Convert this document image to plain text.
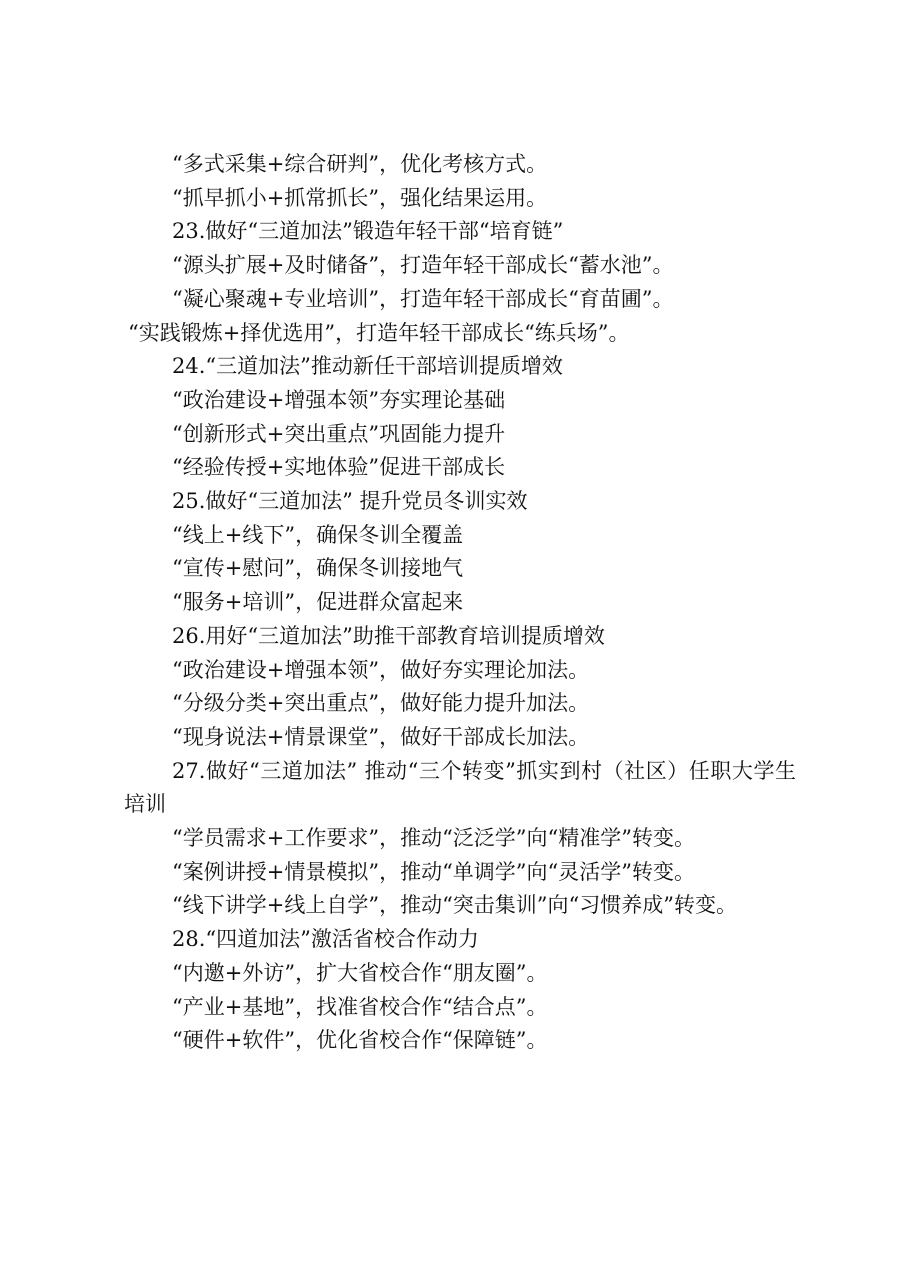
“多式采集+综合研判”，优化考核方式。

“抓早抓小+抓常抓长”，强化结果运用。

23.做好“三道加法”锻造年轻干部“培育链”

“源头扩展+及时储备”，打造年轻干部成长“蓄水池”。

“凝心聚魂+专业培训”，打造年轻干部成长“育苗圃”。

“实践锻炼+择优选用”，打造年轻干部成长“练兵场”。

24.“三道加法”推动新任干部培训提质增效

“政治建设+增强本领”夯实理论基础

“创新形式+突出重点”巩固能力提升

“经验传授+实地体验”促进干部成长

25.做好“三道加法” 提升党员冬训实效

“线上+线下”，确保冬训全覆盖

“宣传+慰问”，确保冬训接地气

“服务+培训”，促进群众富起来

26.用好“三道加法”助推干部教育培训提质增效

“政治建设+增强本领”，做好夯实理论加法。

“分级分类+突出重点”，做好能力提升加法。

“现身说法+情景课堂”，做好干部成长加法。

27.做好“三道加法” 推动“三个转变”抓实到村（社区）任职大学生培训

“学员需求+工作要求”，推动“泛泛学”向“精准学”转变。

“案例讲授+情景模拟”，推动“单调学”向“灵活学”转变。

“线下讲学+线上自学”，推动“突击集训”向“习惯养成”转变。

28.“四道加法”激活省校合作动力

“内邀+外访”，扩大省校合作“朋友圈”。

“产业+基地”，找准省校合作“结合点”。

“硬件+软件”，优化省校合作“保障链”。
